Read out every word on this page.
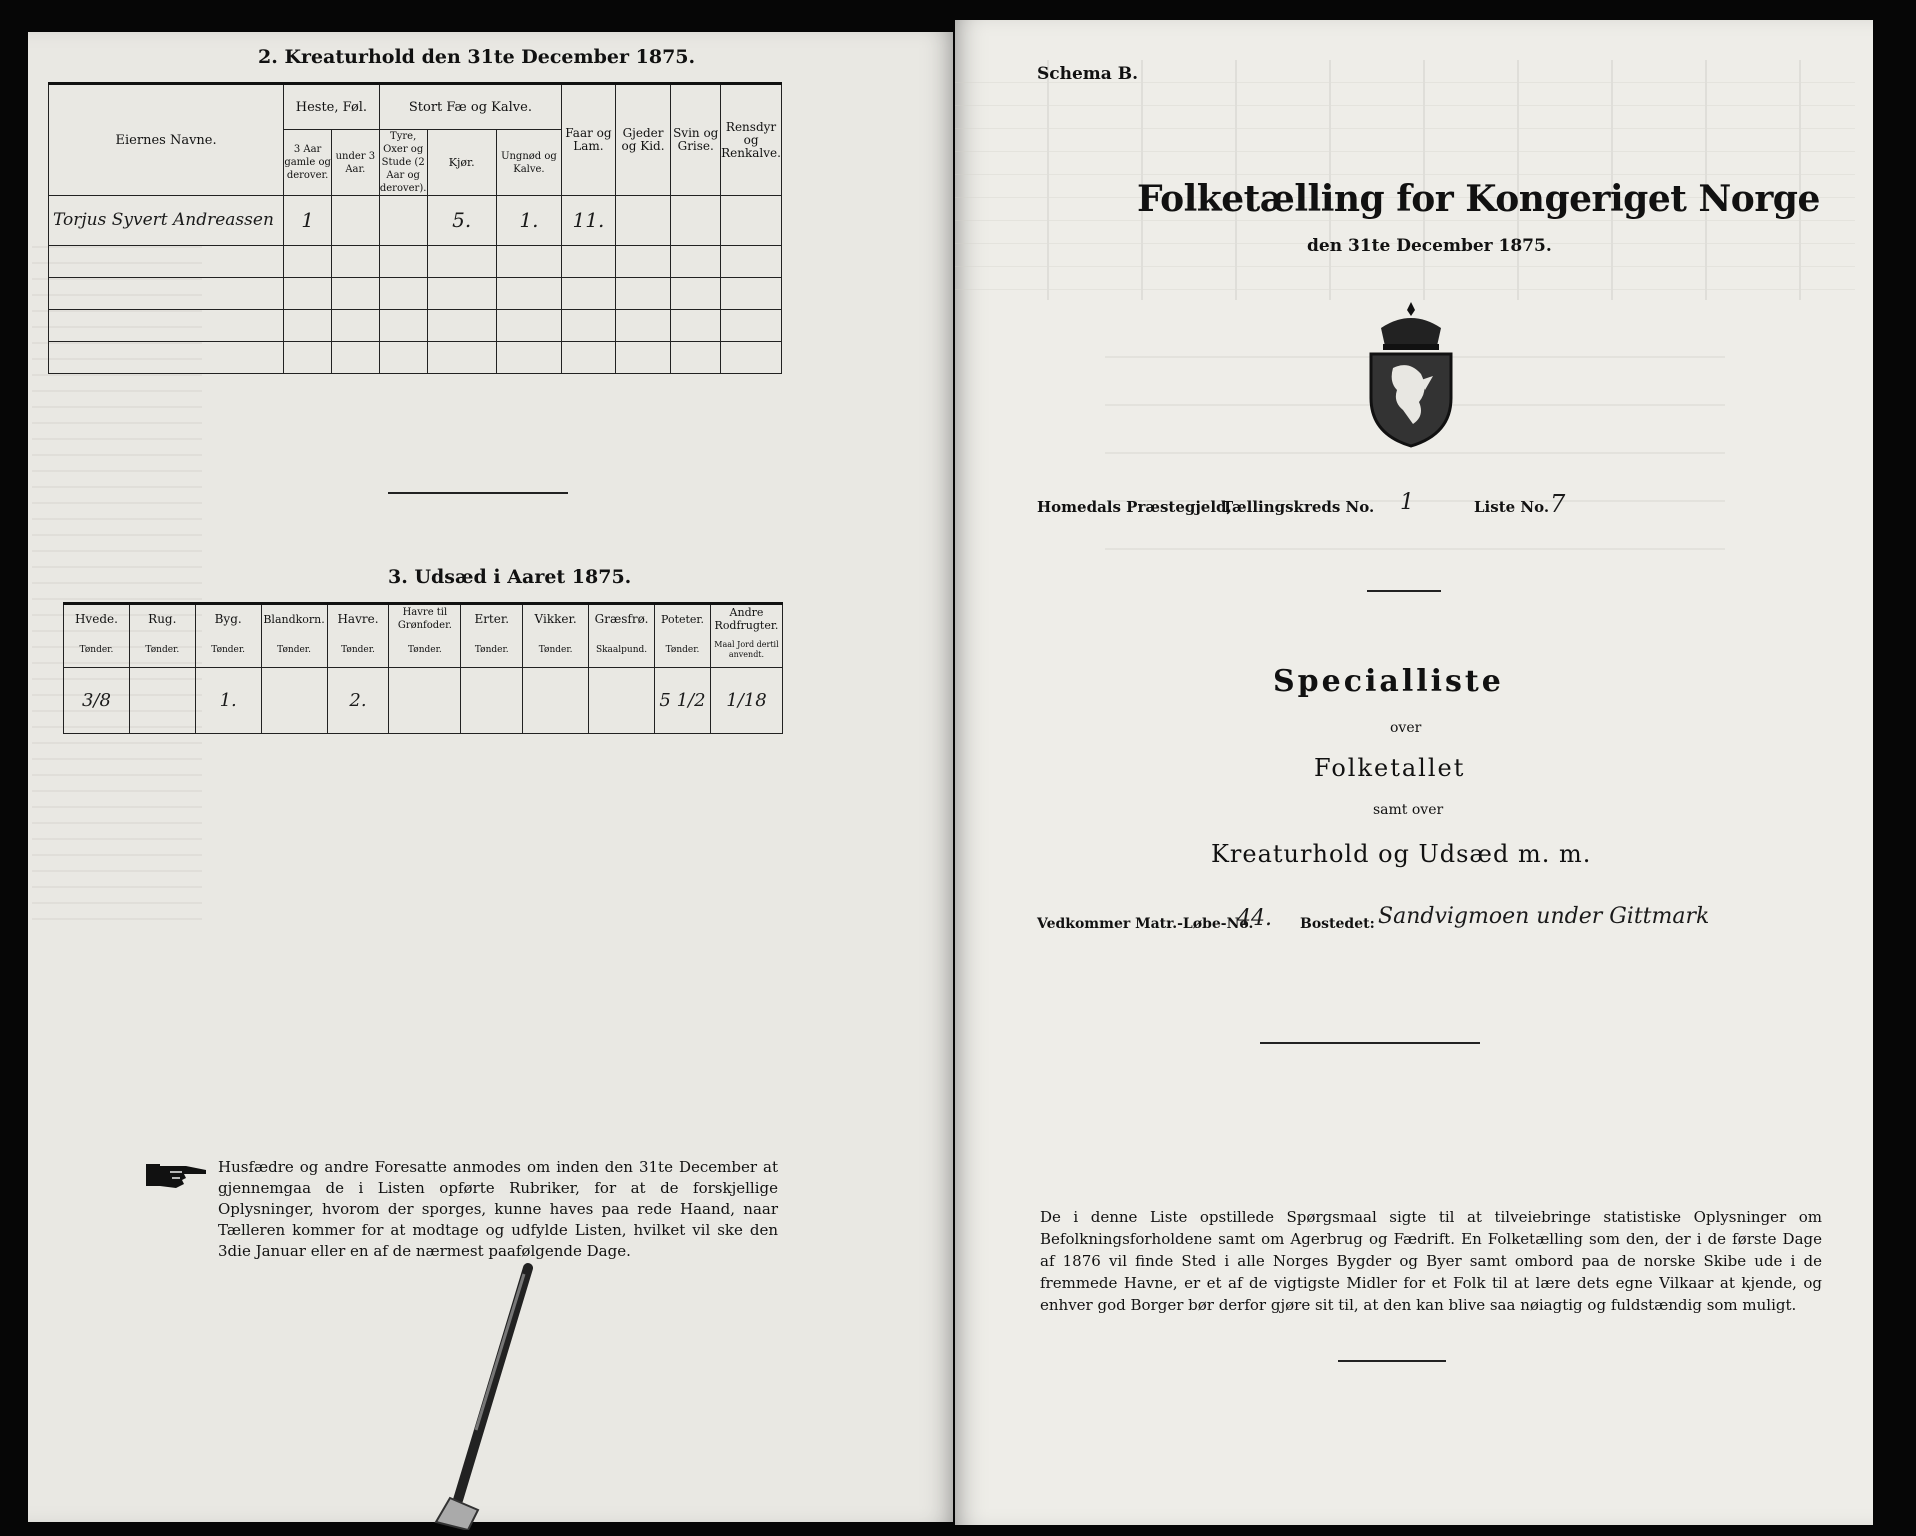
2. Kreaturhold den 31te December 1875.
Eiernes Navne.	Heste, Føl.		Stort Fæ og Kalve.			Faar og Lam.	Gjeder og Kid.	Svin og Grise.	Rensdyr og Renkalve.
	3 Aar gamle og derover.	under 3 Aar.	Tyre, Oxer og Stude (2 Aar og derover).	Kjør.	Ungnød og Kalve.				
Torjus Syvert Andreassen	1			5.	1.	11.			

3. Udsæd i Aaret 1875.
Hvede.	Rug.	Byg.	Blandkorn.	Havre.	Havre til Grønfoder.	Erter.	Vikker.	Græsfrø.	Poteter.	Andre Rodfrugter.
Tønder.	Tønder.	Tønder.	Tønder.	Tønder.	Tønder.	Tønder.	Tønder.	Skaalpund.	Tønder.	Maal Jord dertil anvendt.
3/8		1.		2.					5 1/2	1/18
Husfædre og andre Foresatte anmodes om inden den 31te December at gjennemgaa de i Listen opførte Rubriker, for at de forskjellige Oplysninger, hvorom der sporges, kunne haves paa rede Haand, naar Tælleren kommer for at modtage og udfylde Listen, hvilket vil ske den 3die Januar eller en af de nærmest paafølgende Dage.
Schema B.
Folketælling for Kongeriget Norge
den 31te December 1875.
Homedals Præstegjeld,
Tællingskreds No. 1	Liste No. 7
Specialliste
over
Folketallet
samt over
Kreaturhold og Udsæd m. m.
Vedkommer Matr.-Løbe-No.
44. Bostedet: Sandvigmoen under Gittmark
De i denne Liste opstillede Spørgsmaal sigte til at tilveiebringe statistiske Oplysninger om Befolkningsforholdene samt om Agerbrug og Fædrift. En Folketælling som den, der i de første Dage af 1876 vil finde Sted i alle Norges Bygder og Byer samt ombord paa de norske Skibe ude i de fremmede Havne, er et af de vigtigste Midler for et Folk til at lære dets egne Vilkaar at kjende, og enhver god Borger bør derfor gjøre sit til, at den kan blive saa nøiagtig og fuldstændig som muligt.
